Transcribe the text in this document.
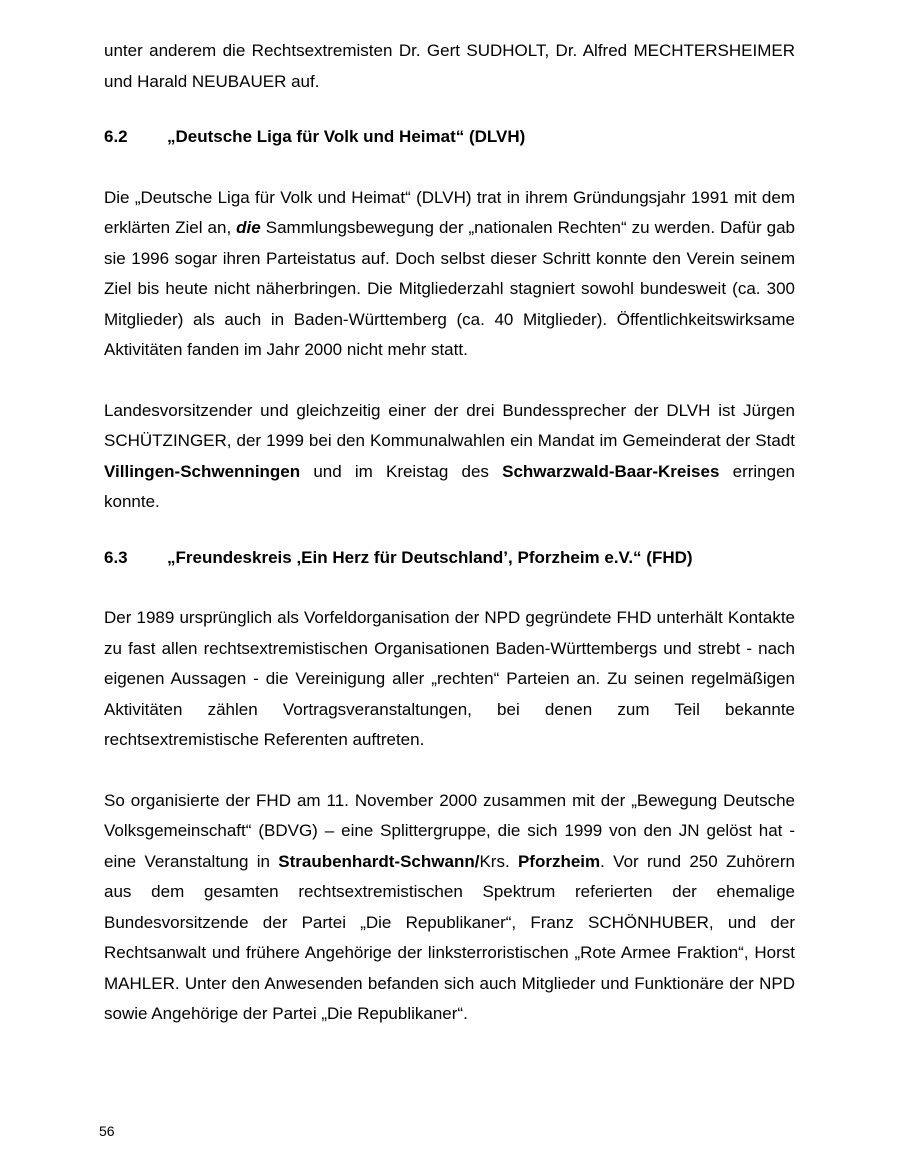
unter anderem die Rechtsextremisten Dr. Gert SUDHOLT, Dr. Alfred MECHTERSHEIMER und Harald NEUBAUER auf.

6.2 „Deutsche Liga für Volk und Heimat“ (DLVH)

Die „Deutsche Liga für Volk und Heimat“ (DLVH) trat in ihrem Gründungsjahr 1991 mit dem erklärten Ziel an, die Sammlungsbewegung der „nationalen Rechten“ zu werden. Dafür gab sie 1996 sogar ihren Parteistatus auf. Doch selbst dieser Schritt konnte den Verein seinem Ziel bis heute nicht näherbringen. Die Mitgliederzahl stagniert sowohl bundesweit (ca. 300 Mitglieder) als auch in Baden-Württemberg (ca. 40 Mitglieder). Öffentlichkeitswirksame Aktivitäten fanden im Jahr 2000 nicht mehr statt.

Landesvorsitzender und gleichzeitig einer der drei Bundessprecher der DLVH ist Jürgen SCHÜTZINGER, der 1999 bei den Kommunalwahlen ein Mandat im Gemeinderat der Stadt Villingen-Schwenningen und im Kreistag des Schwarzwald-Baar-Kreises erringen konnte.

6.3 „Freundeskreis ‚Ein Herz für Deutschland’, Pforzheim e.V.“ (FHD)

Der 1989 ursprünglich als Vorfeldorganisation der NPD gegründete FHD unterhält Kontakte zu fast allen rechtsextremistischen Organisationen Baden-Württembergs und strebt - nach eigenen Aussagen - die Vereinigung aller „rechten“ Parteien an. Zu seinen regelmäßigen Aktivitäten zählen Vortragsveranstaltungen, bei denen zum Teil bekannte rechtsextremistische Referenten auftreten.

So organisierte der FHD am 11. November 2000 zusammen mit der „Bewegung Deutsche Volksgemeinschaft“ (BDVG) – eine Splittergruppe, die sich 1999 von den JN gelöst hat - eine Veranstaltung in Straubenhardt-Schwann/Krs. Pforzheim. Vor rund 250 Zuhörern aus dem gesamten rechtsextremistischen Spektrum referierten der ehemalige Bundesvorsitzende der Partei „Die Republikaner“, Franz SCHÖNHUBER, und der Rechtsanwalt und frühere Angehörige der linksterroristischen „Rote Armee Fraktion“, Horst MAHLER. Unter den Anwesenden befanden sich auch Mitglieder und Funktionäre der NPD sowie Angehörige der Partei „Die Republikaner“.

56
